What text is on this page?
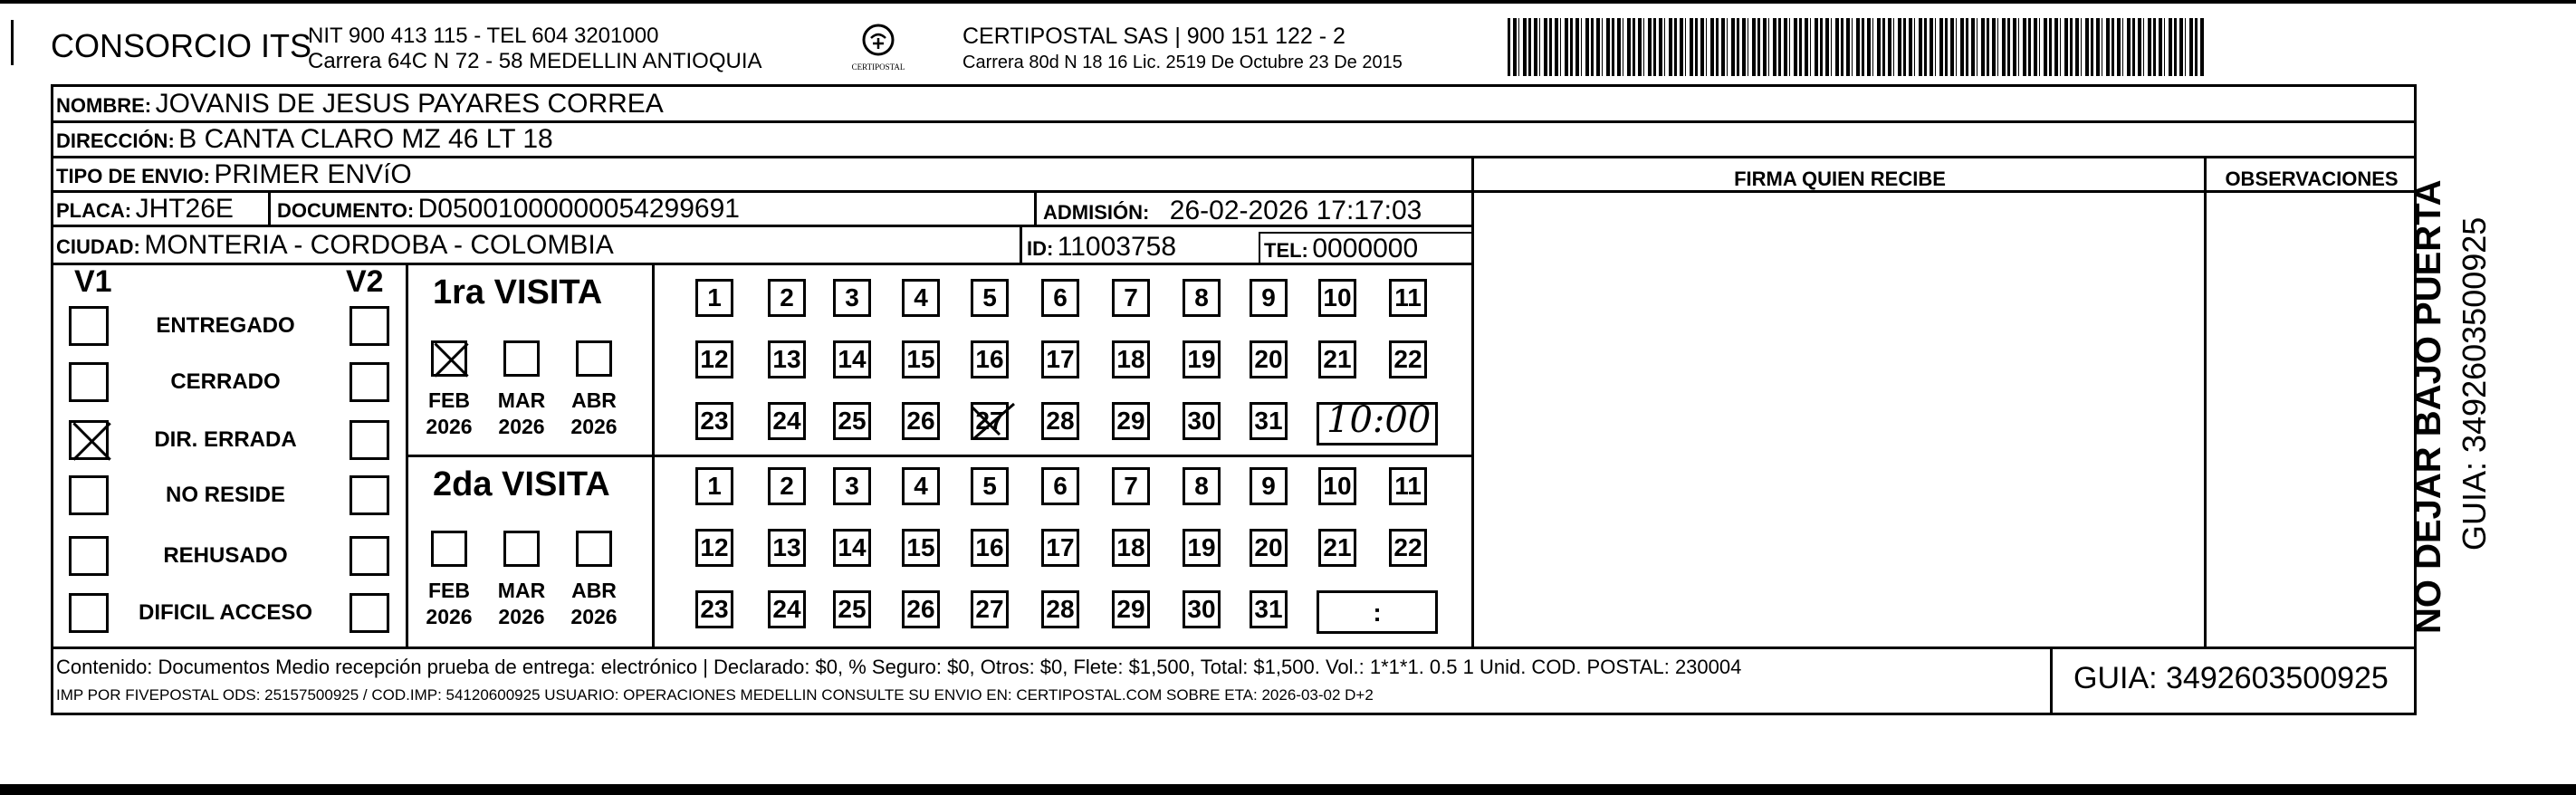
CONSORCIO ITS
NIT 900 413 115 - TEL 604 3201000
Carrera 64C N 72 - 58 MEDELLIN ANTIOQUIA	CERTIPOSTAL
CERTIPOSTAL SAS | 900 151 122 - 2
Carrera 80d N 18 16 Lic. 2519 De Octubre 23 De 2015
NOMBRE: JOVANIS DE JESUS PAYARES CORREA
DIRECCIÓN: B CANTA CLARO MZ 46 LT 18
TIPO DE ENVIO: PRIMER ENVíO	FIRMA QUIEN RECIBE	OBSERVACIONES
PLACA: JHT26E DOCUMENTO: D05001000000054299691	ADMISIÓN: 26-02-2026 17:17:03
CIUDAD: MONTERIA - CORDOBA - COLOMBIA	ID: 11003758	TEL: 0000000
V1	V2
ENTREGADO
CERRADO
DIR. ERRADA
NO RESIDE
REHUSADO
DIFICIL ACCESO
1ra VISITA
2da VISITA
FEB
2026
MAR
2026
ABR
2026
FEB
2026
MAR
2026
ABR
2026
1	2	3	4	5	6	7	8	9	10 11
12 13 14 15 16 17 18 19 20 21 22
23 24 25 26 27 28 29 30 31
1	2	3	4	5	6	7	8	9	10 11
12 13 14 15 16 17 18 19 20 21 22
23 24 25 26 27 28 29 30 31
10:00
:
Contenido: Documentos Medio recepción prueba de entrega: electrónico | Declarado: $0, % Seguro: $0, Otros: $0, Flete: $1,500, Total: $1,500. Vol.: 1*1*1. 0.5 1 Unid. COD. POSTAL: 230004
IMP POR FIVEPOSTAL ODS: 25157500925 / COD.IMP: 54120600925 USUARIO: OPERACIONES MEDELLIN CONSULTE SU ENVIO EN: CERTIPOSTAL.COM SOBRE ETA: 2026-03-02 D+2	GUIA: 3492603500925
NO DEJAR BAJO PUERTA GUIA: 3492603500925
